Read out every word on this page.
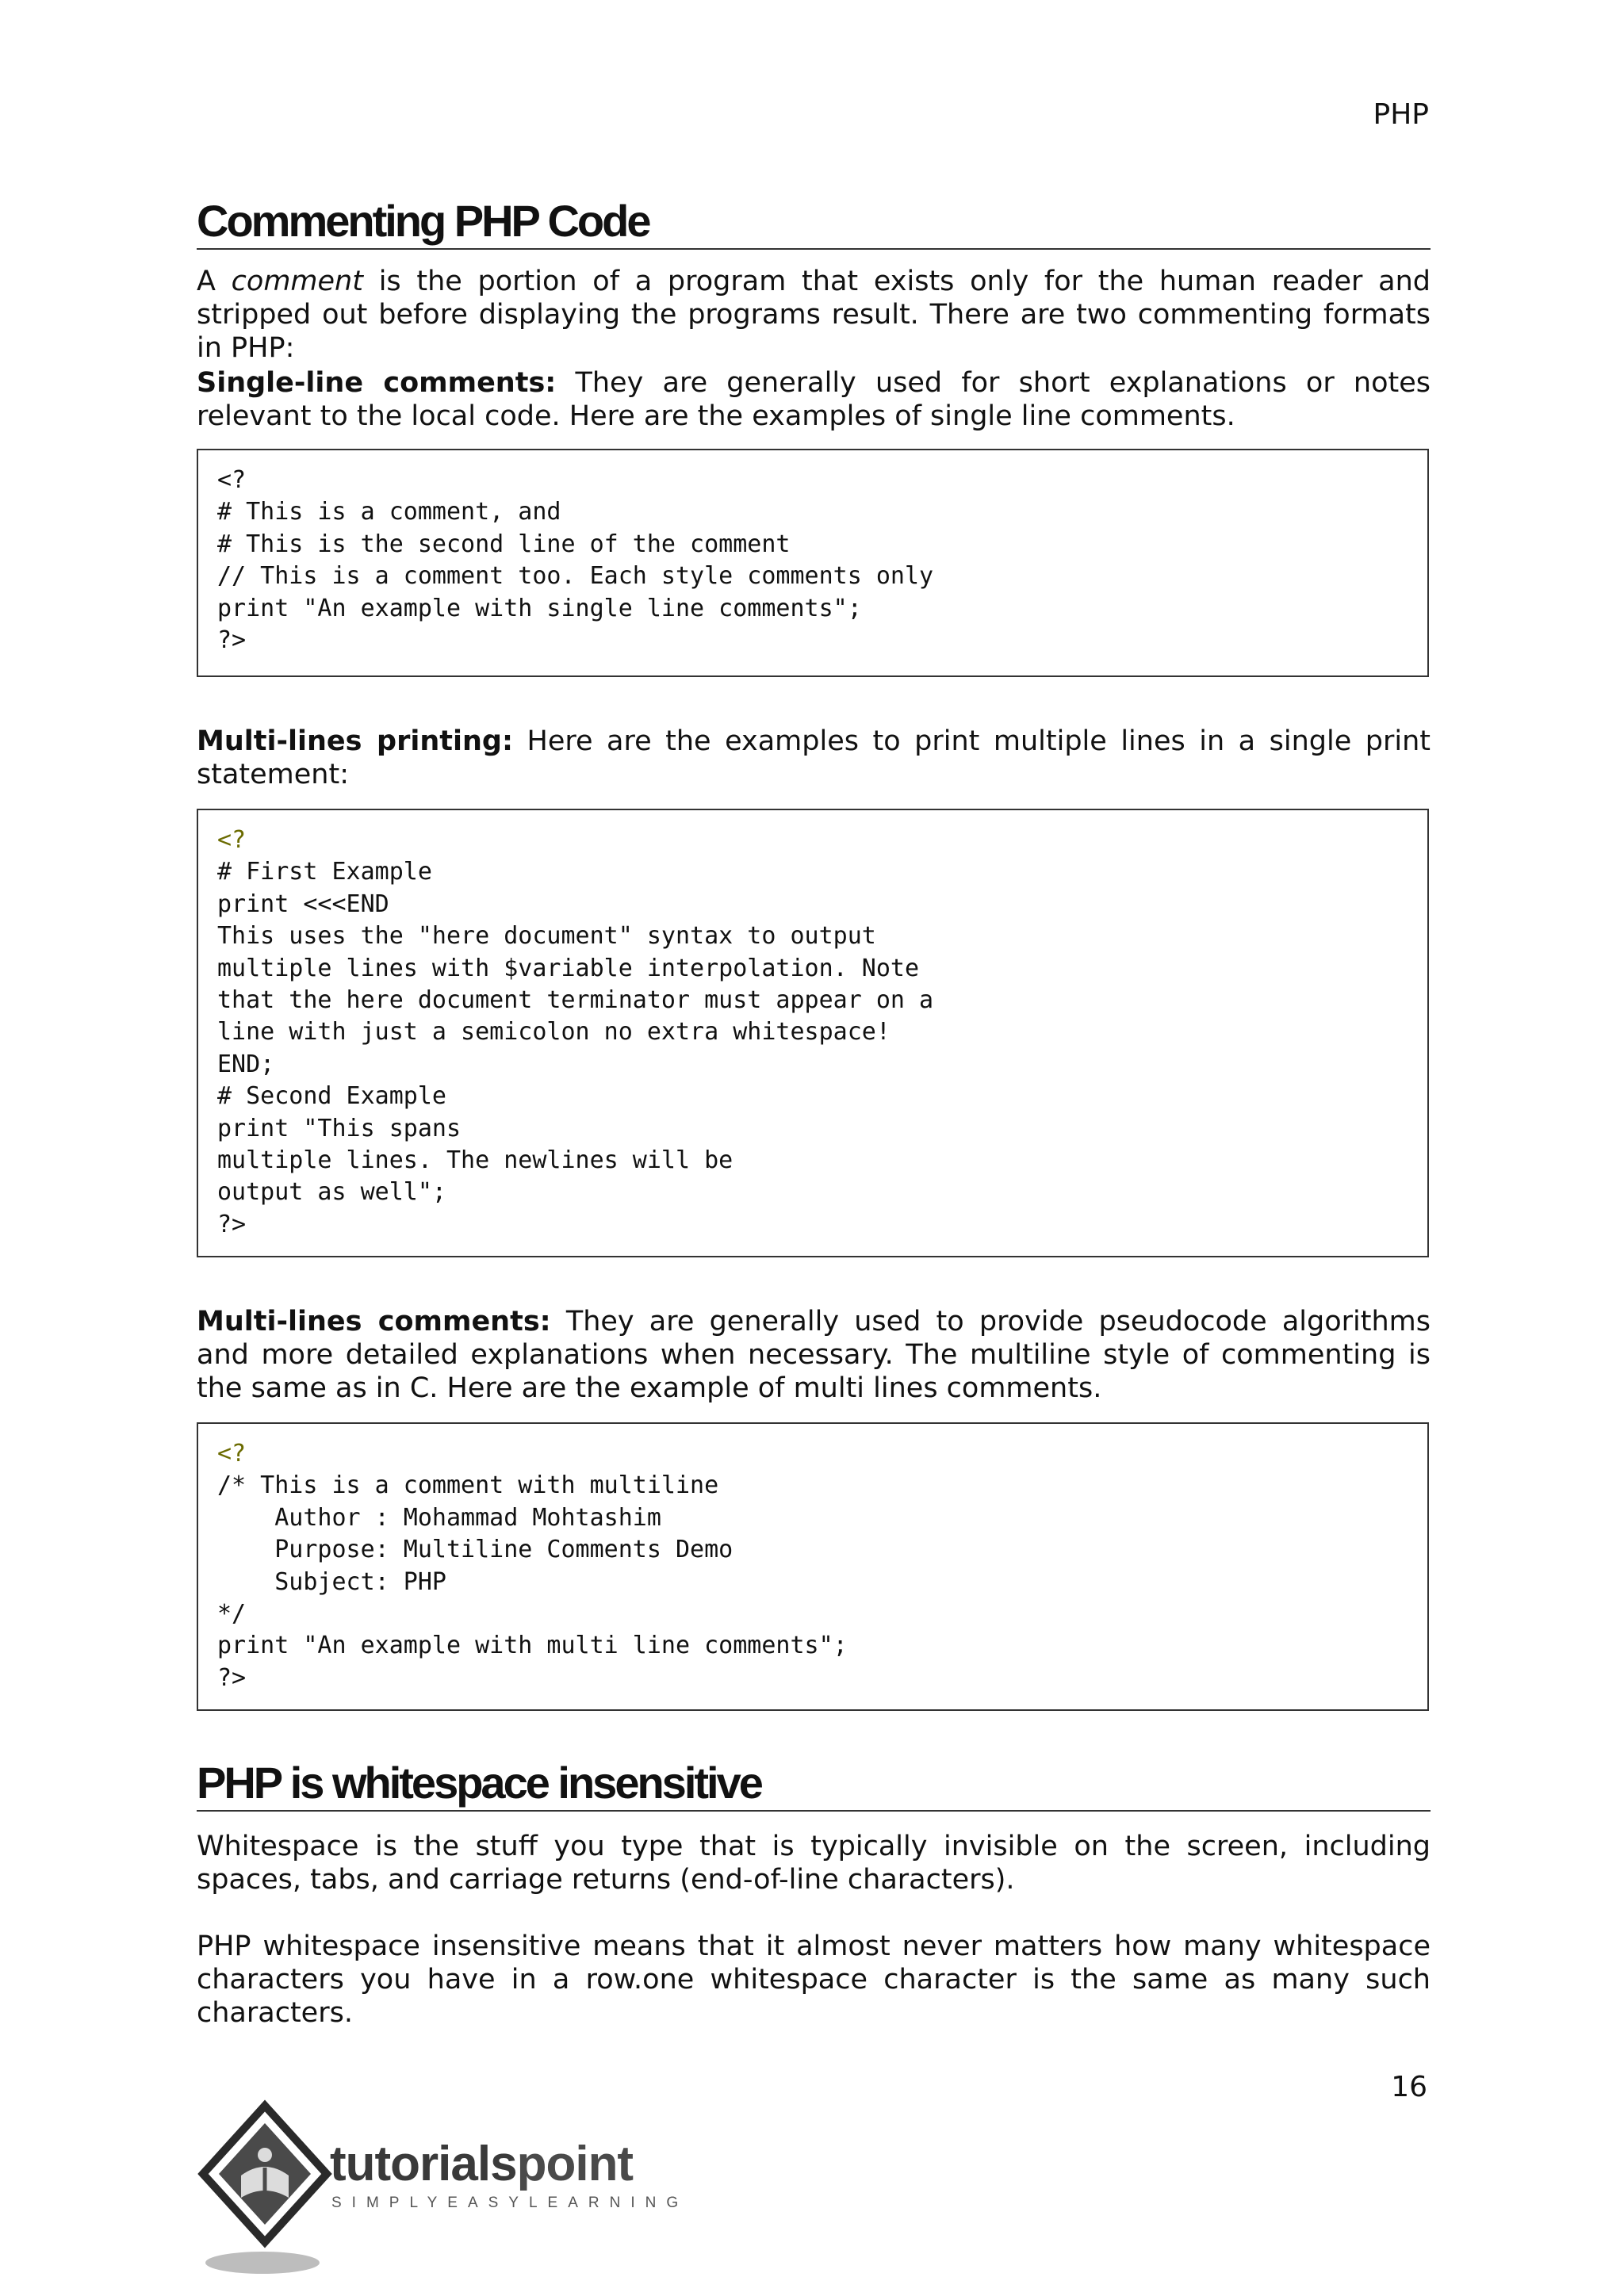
PHP
Commenting PHP Code

A comment is the portion of a program that exists only for the human reader and stripped out before displaying the programs result. There are two commenting formats in PHP:

Single-line comments: They are generally used for short explanations or notes relevant to the local code. Here are the examples of single line comments.

<?
# This is a comment, and
# This is the second line of the comment
// This is a comment too. Each style comments only
print "An example with single line comments";
?>

Multi-lines printing: Here are the examples to print multiple lines in a single print statement:

<?
# First Example
print <<<END
This uses the "here document" syntax to output
multiple lines with $variable interpolation. Note
that the here document terminator must appear on a
line with just a semicolon no extra whitespace!
END;
# Second Example
print "This spans
multiple lines. The newlines will be
output as well";
?>

Multi-lines comments: They are generally used to provide pseudocode algorithms and more detailed explanations when necessary. The multiline style of commenting is the same as in C. Here are the example of multi lines comments.

<?
/* This is a comment with multiline
Author : Mohammad Mohtashim
Purpose: Multiline Comments Demo
Subject: PHP
*/
print "An example with multi line comments";
?>
PHP is whitespace insensitive

Whitespace is the stuff you type that is typically invisible on the screen, including spaces, tabs, and carriage returns (end-of-line characters).

PHP whitespace insensitive means that it almost never matters how many whitespace characters you have in a row.one whitespace character is the same as many such characters.

16
tutorialspoint
SIMPLYEASYLEARNING
